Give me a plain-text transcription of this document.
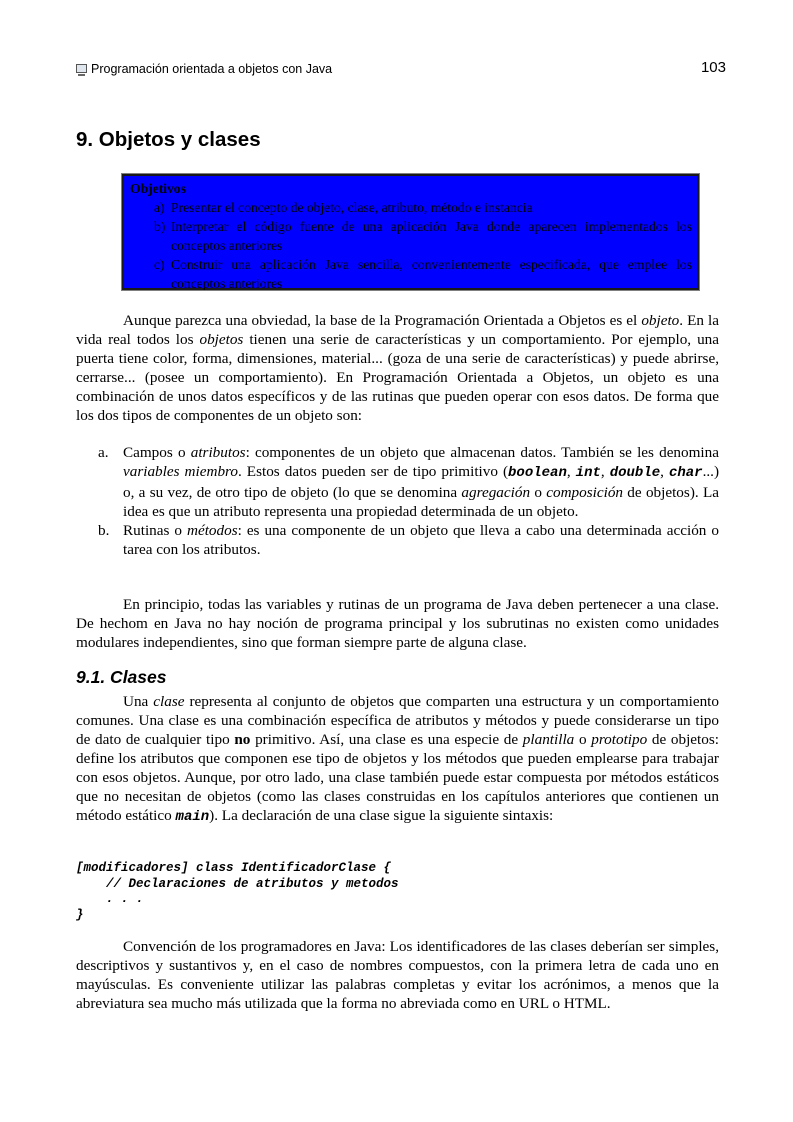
Programación orientada a objetos con Java	103
9. Objetos y clases
Objetivos
a) Presentar el concepto de objeto, clase, atributo, método e instancia
b) Interpretar el código fuente de una aplicación Java donde aparecen implementados los conceptos anteriores
c) Construir una aplicación Java sencilla, convenientemente especificada, que emplee los conceptos anteriores

Aunque parezca una obviedad, la base de la Programación Orientada a Objetos es el objeto. En la vida real todos los objetos tienen una serie de características y un comportamiento. Por ejemplo, una puerta tiene color, forma, dimensiones, material... (goza de una serie de características) y puede abrirse, cerrarse... (posee un comportamiento). En Programación Orientada a Objetos, un objeto es una combinación de unos datos específicos y de las rutinas que pueden operar con esos datos. De forma que los dos tipos de componentes de un objeto son:

a. Campos o atributos: componentes de un objeto que almacenan datos. También se les denomina variables miembro. Estos datos pueden ser de tipo primitivo (boolean, int, double, char...) o, a su vez, de otro tipo de objeto (lo que se denomina agregación o composición de objetos). La idea es que un atributo representa una propiedad determinada de un objeto.
b. Rutinas o métodos: es una componente de un objeto que lleva a cabo una determinada acción o tarea con los atributos.

En principio, todas las variables y rutinas de un programa de Java deben pertenecer a una clase. De hechom en Java no hay noción de programa principal y los subrutinas no existen como unidades modulares independientes, sino que forman siempre parte de alguna clase.

9.1. Clases

Una clase representa al conjunto de objetos que comparten una estructura y un comportamiento comunes. Una clase es una combinación específica de atributos y métodos y puede considerarse un tipo de dato de cualquier tipo no primitivo. Así, una clase es una especie de plantilla o prototipo de objetos: define los atributos que componen ese tipo de objetos y los métodos que pueden emplearse para trabajar con esos objetos. Aunque, por otro lado, una clase también puede estar compuesta por métodos estáticos que no necesitan de objetos (como las clases construidas en los capítulos anteriores que contienen un método estático main). La declaración de una clase sigue la siguiente sintaxis:

[modificadores] class IdentificadorClase {
// Declaraciones de atributos y metodos
. . .
}

Convención de los programadores en Java: Los identificadores de las clases deberían ser simples, descriptivos y sustantivos y, en el caso de nombres compuestos, con la primera letra de cada uno en mayúsculas. Es conveniente utilizar las palabras completas y evitar los acrónimos, a menos que la abreviatura sea mucho más utilizada que la forma no abreviada como en URL o HTML.
